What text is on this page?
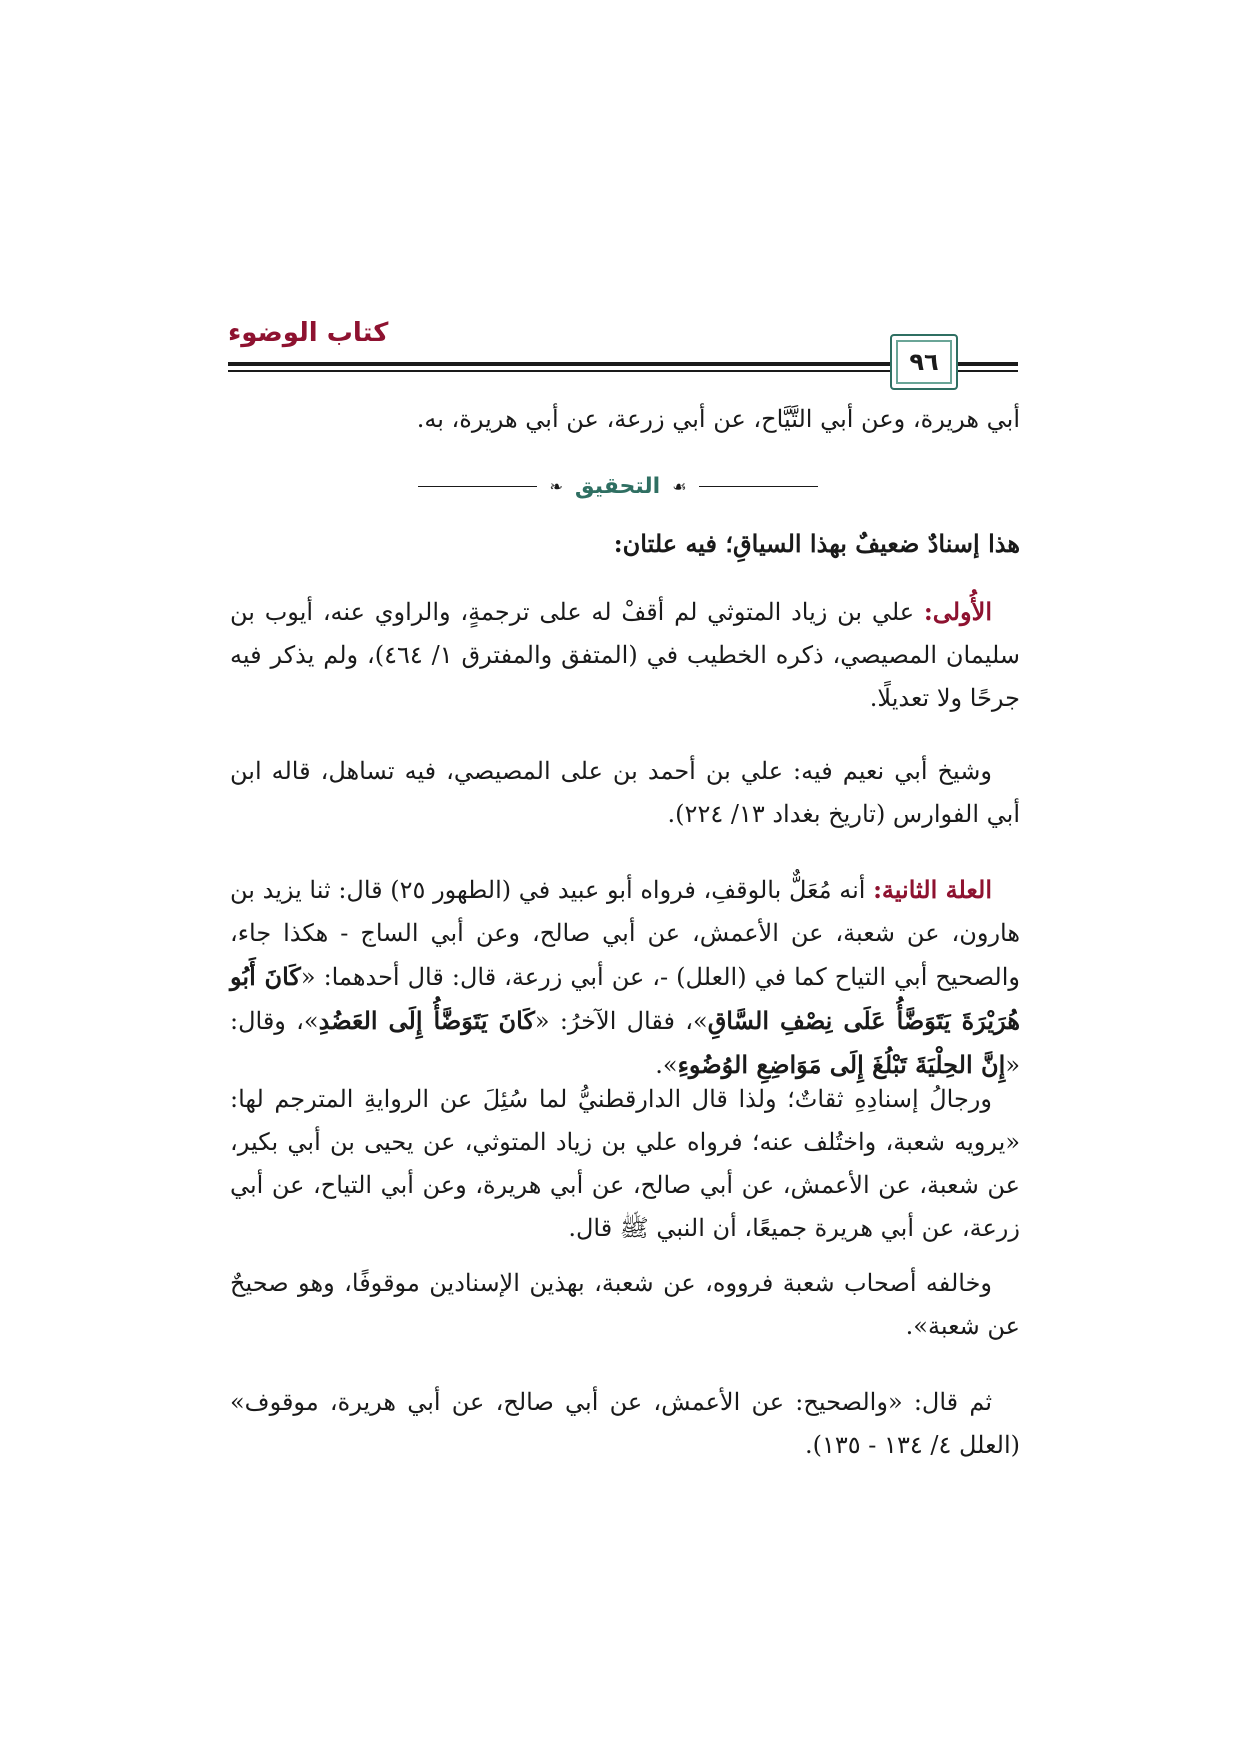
كتاب الوضوء
٩٦
أبي هريرة، وعن أبي التَّيَّاح، عن أبي زرعة، عن أبي هريرة، به.
❧ التحقيق ☙
هذا إسنادٌ ضعيفٌ بهذا السياقِ؛ فيه علتان:
الأُولى: علي بن زياد المتوثي لم أقفْ له على ترجمةٍ، والراوي عنه، أيوب بن سليمان المصيصي، ذكره الخطيب في (المتفق والمفترق ١/ ٤٦٤)، ولم يذكر فيه جرحًا ولا تعديلًا.
وشيخ أبي نعيم فيه: علي بن أحمد بن على المصيصي، فيه تساهل، قاله ابن أبي الفوارس (تاريخ بغداد ١٣/ ٢٢٤).
العلة الثانية: أنه مُعَلٌّ بالوقفِ، فرواه أبو عبيد في (الطهور ٢٥) قال: ثنا يزيد بن هارون، عن شعبة، عن الأعمش، عن أبي صالح، وعن أبي الساج - هكذا جاء، والصحيح أبي التياح كما في (العلل) -، عن أبي زرعة، قال: قال أحدهما: «كَانَ أَبُو هُرَيْرَةَ يَتَوَضَّأُ عَلَى نِصْفِ السَّاقِ»، فقال الآخرُ: «كَانَ يَتَوَضَّأُ إِلَى العَضُدِ»، وقال: «إِنَّ الحِلْيَةَ تَبْلُغَ إِلَى مَوَاضِعِ الوُضُوءِ».
ورجالُ إسنادِهِ ثقاتٌ؛ ولذا قال الدارقطنيُّ لما سُئِلَ عن الروايةِ المترجم لها: «يرويه شعبة، واختُلف عنه؛ فرواه علي بن زياد المتوثي، عن يحيى بن أبي بكير، عن شعبة، عن الأعمش، عن أبي صالح، عن أبي هريرة، وعن أبي التياح، عن أبي زرعة، عن أبي هريرة جميعًا، أن النبي ﷺ قال.
وخالفه أصحاب شعبة فرووه، عن شعبة، بهذين الإسنادين موقوفًا، وهو صحيحٌ عن شعبة».
ثم قال: «والصحيح: عن الأعمش، عن أبي صالح، عن أبي هريرة، موقوف» (العلل ٤/ ١٣٤ - ١٣٥).
